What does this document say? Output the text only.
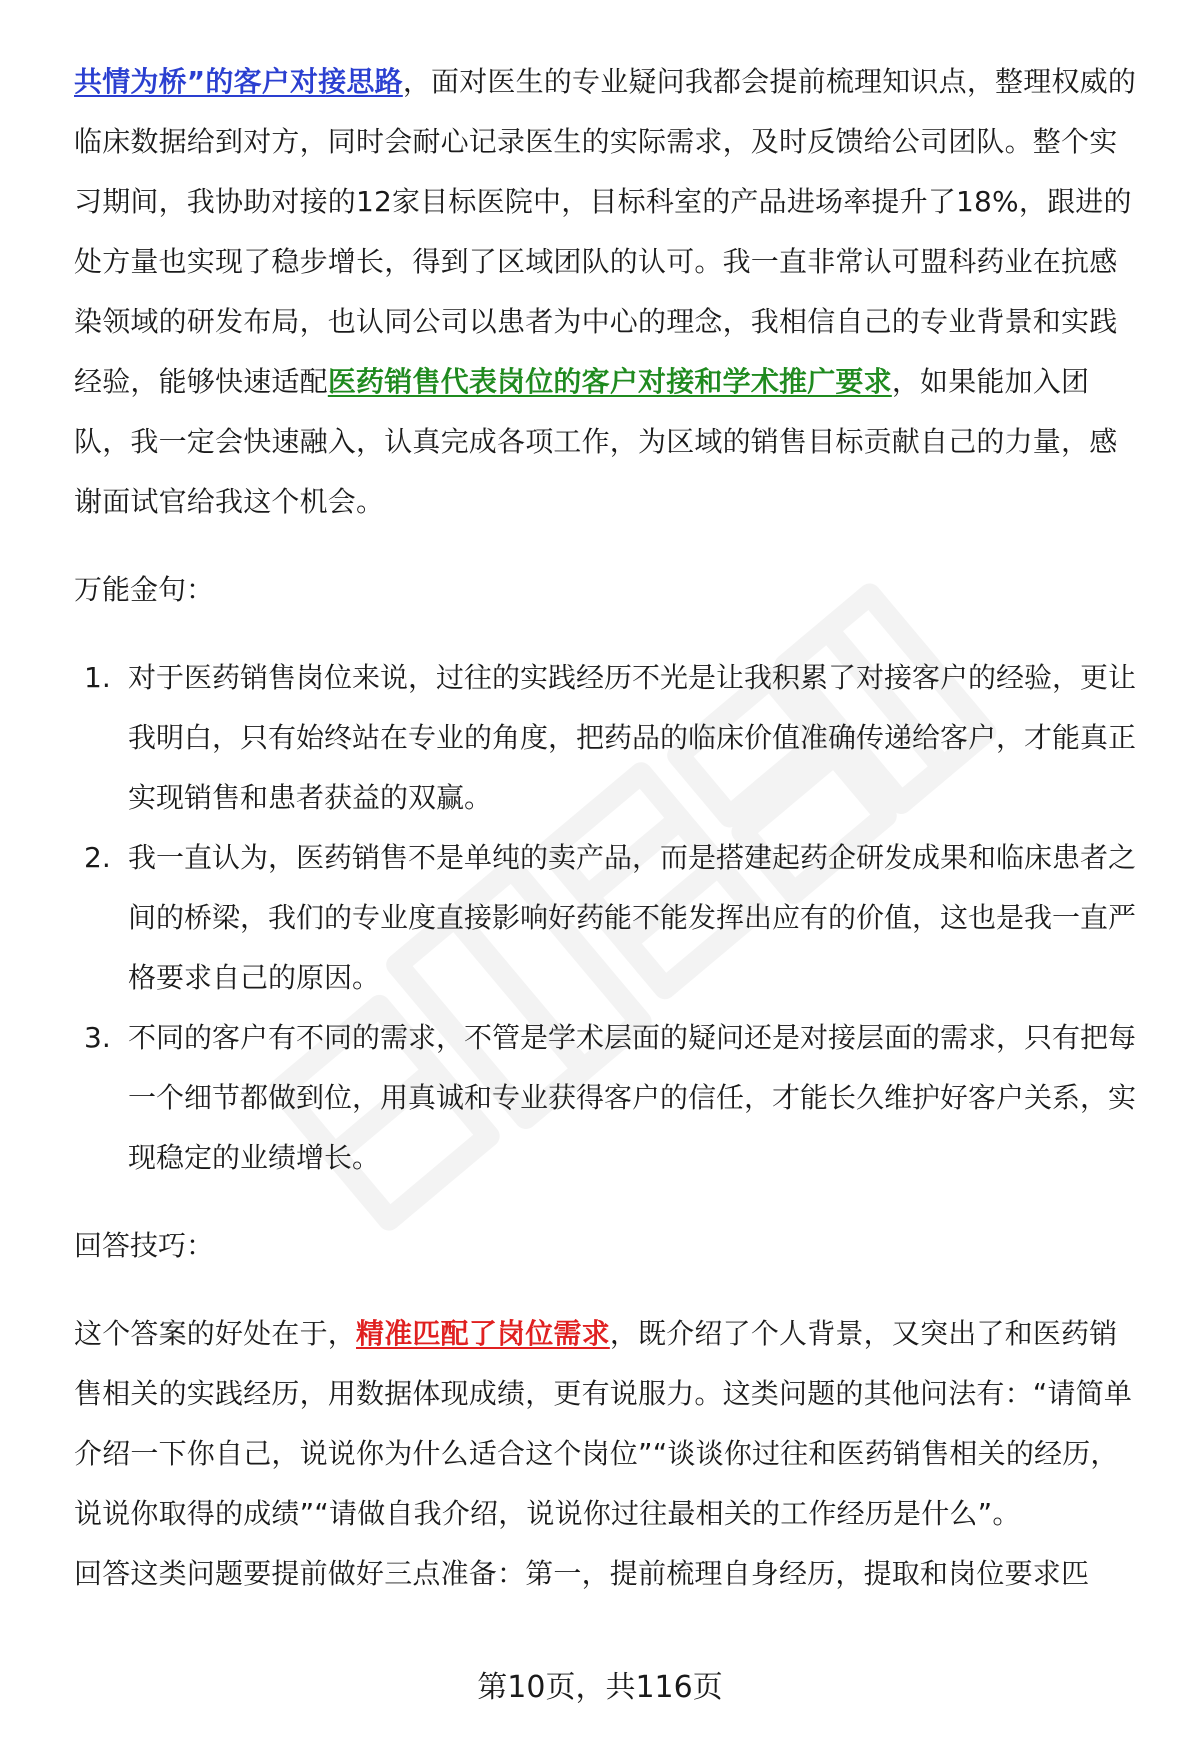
共情为桥”的客户对接思路，面对医生的专业疑问我都会提前梳理知识点，整理权威的临床数据给到对方，同时会耐心记录医生的实际需求，及时反馈给公司团队。整个实习期间，我协助对接的12家目标医院中，目标科室的产品进场率提升了18%，跟进的处方量也实现了稳步增长，得到了区域团队的认可。我一直非常认可盟科药业在抗感染领域的研发布局，也认同公司以患者为中心的理念，我相信自己的专业背景和实践经验，能够快速适配医药销售代表岗位的客户对接和学术推广要求，如果能加入团队，我一定会快速融入，认真完成各项工作，为区域的销售目标贡献自己的力量，感谢面试官给我这个机会。

万能金句：
1. 对于医药销售岗位来说，过往的实践经历不光是让我积累了对接客户的经验，更让我明白，只有始终站在专业的角度，把药品的临床价值准确传递给客户，才能真正实现销售和患者获益的双赢。
2. 我一直认为，医药销售不是单纯的卖产品，而是搭建起药企研发成果和临床患者之间的桥梁，我们的专业度直接影响好药能不能发挥出应有的价值，这也是我一直严格要求自己的原因。
3. 不同的客户有不同的需求，不管是学术层面的疑问还是对接层面的需求，只有把每一个细节都做到位，用真诚和专业获得客户的信任，才能长久维护好客户关系，实现稳定的业绩增长。
回答技巧：

这个答案的好处在于，精准匹配了岗位需求，既介绍了个人背景，又突出了和医药销售相关的实践经历，用数据体现成绩，更有说服力。这类问题的其他问法有：“请简单介绍一下你自己，说说你为什么适合这个岗位”“谈谈你过往和医药销售相关的经历，说说你取得的成绩”“请做自我介绍，说说你过往最相关的工作经历是什么”。

回答这类问题要提前做好三点准备：第一，提前梳理自身经历，提取和岗位要求匹

第10页，共116页
